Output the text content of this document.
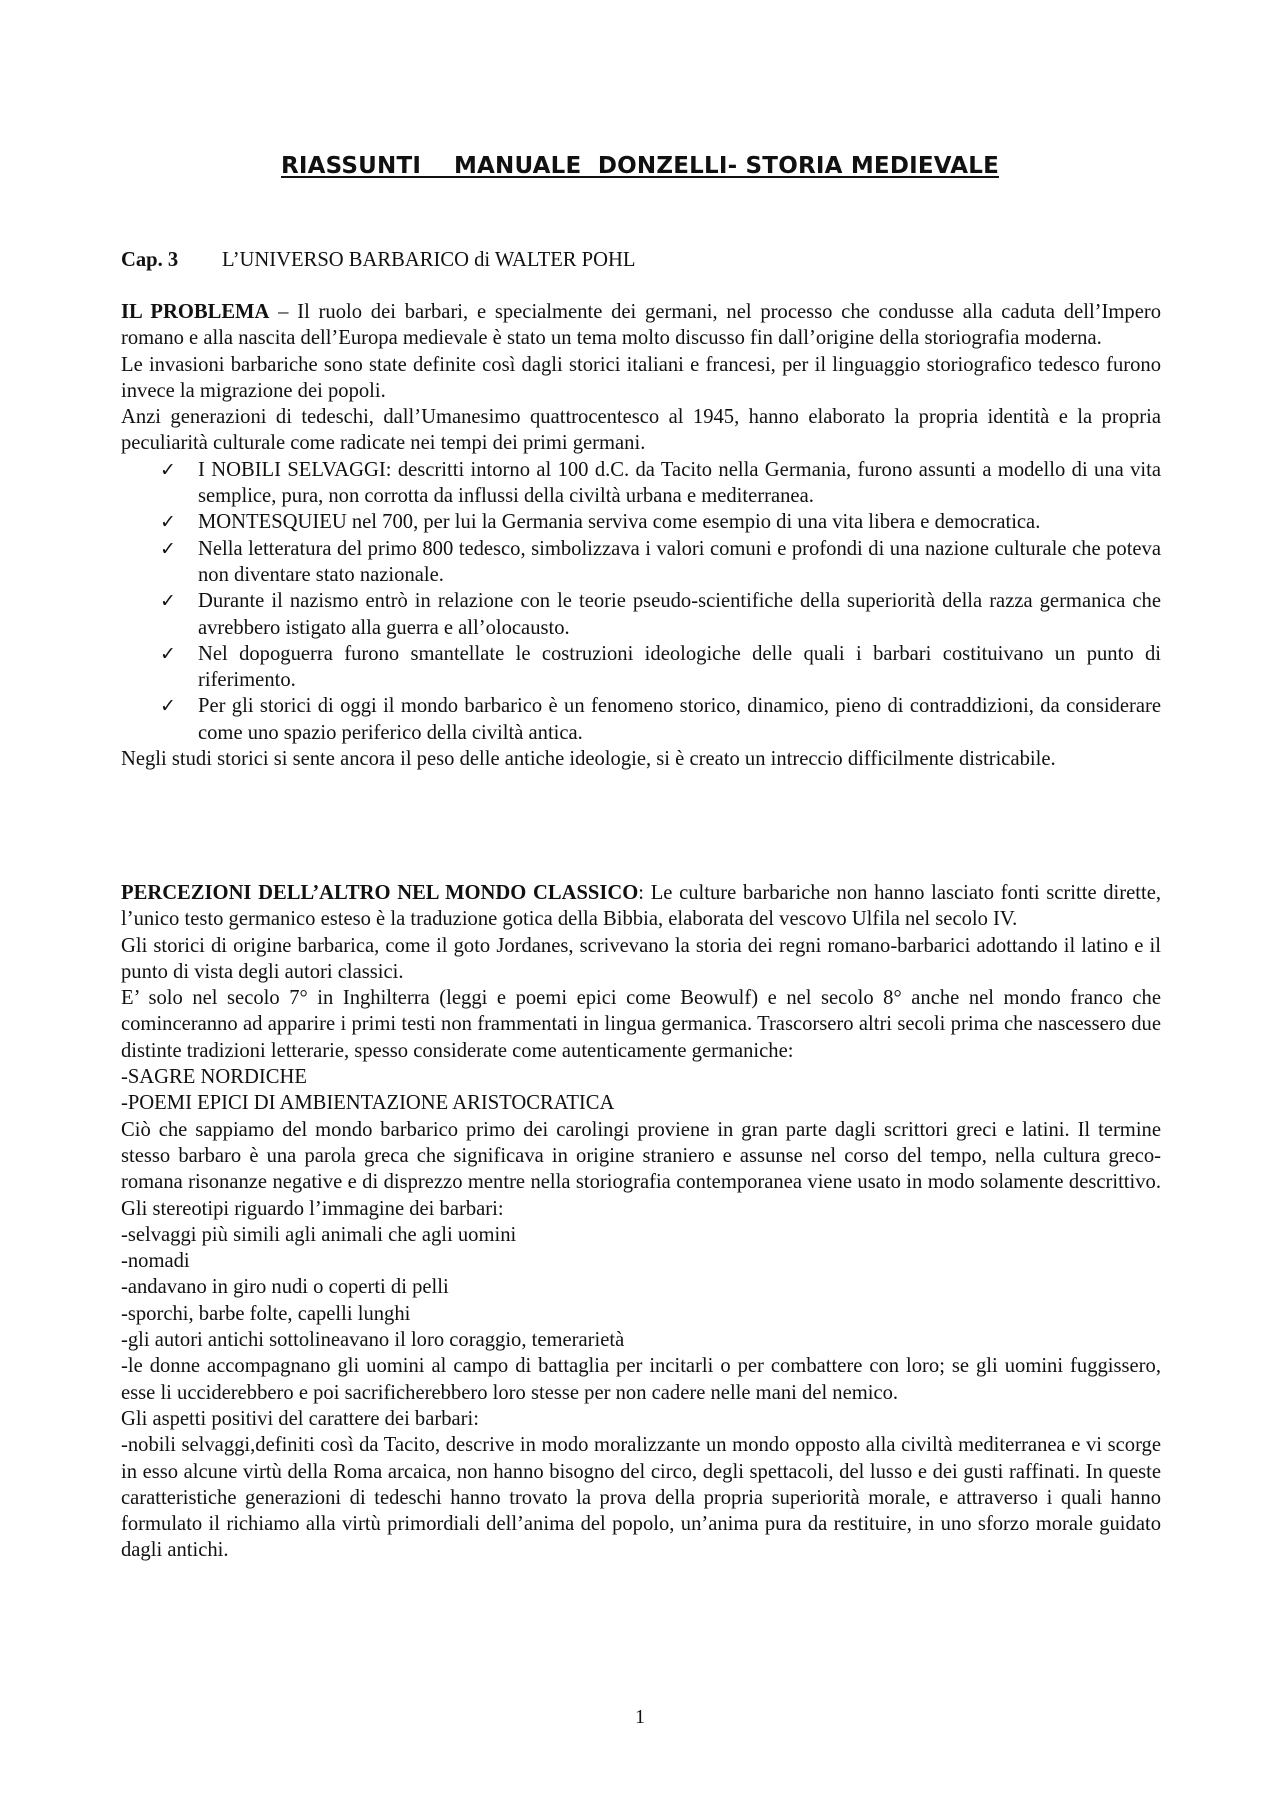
RIASSUNTI    MANUALE  DONZELLI- STORIA MEDIEVALE
Cap. 3 L’UNIVERSO BARBARICO di WALTER POHL

IL PROBLEMA – Il ruolo dei barbari, e specialmente dei germani, nel processo che condusse alla caduta dell’Impero romano e alla nascita dell’Europa medievale è stato un tema molto discusso fin dall’origine della storiografia moderna.

Le invasioni barbariche sono state definite così dagli storici italiani e francesi, per il linguaggio storiografico tedesco furono invece la migrazione dei popoli.

Anzi generazioni di tedeschi, dall’Umanesimo quattrocentesco al 1945, hanno elaborato la propria identità e la propria peculiarità culturale come radicate nei tempi dei primi germani.

✓ I NOBILI SELVAGGI: descritti intorno al 100 d.C. da Tacito nella Germania, furono assunti a modello di una vita semplice, pura, non corrotta da influssi della civiltà urbana e mediterranea.
✓ MONTESQUIEU nel 700, per lui la Germania serviva come esempio di una vita libera e democratica.
✓ Nella letteratura del primo 800 tedesco, simbolizzava i valori comuni e profondi di una nazione culturale che poteva non diventare stato nazionale.
✓ Durante il nazismo entrò in relazione con le teorie pseudo-scientifiche della superiorità della razza germanica che avrebbero istigato alla guerra e all’olocausto.
✓ Nel dopoguerra furono smantellate le costruzioni ideologiche delle quali i barbari costituivano un punto di riferimento.
✓ Per gli storici di oggi il mondo barbarico è un fenomeno storico, dinamico, pieno di contraddizioni, da considerare come uno spazio periferico della civiltà antica.

Negli studi storici si sente ancora il peso delle antiche ideologie, si è creato un intreccio difficilmente districabile.

PERCEZIONI DELL’ALTRO NEL MONDO CLASSICO: Le culture barbariche non hanno lasciato fonti scritte dirette, l’unico testo germanico esteso è la traduzione gotica della Bibbia, elaborata del vescovo Ulfila nel secolo IV.

Gli storici di origine barbarica, come il goto Jordanes, scrivevano la storia dei regni romano-barbarici adottando il latino e il punto di vista degli autori classici.

E’ solo nel secolo 7° in Inghilterra (leggi e poemi epici come Beowulf) e nel secolo 8° anche nel mondo franco che cominceranno ad apparire i primi testi non frammentati in lingua germanica. Trascorsero altri secoli prima che nascessero due distinte tradizioni letterarie, spesso considerate come autenticamente germaniche:

-SAGRE NORDICHE

-POEMI EPICI DI AMBIENTAZIONE ARISTOCRATICA

Ciò che sappiamo del mondo barbarico primo dei carolingi proviene in gran parte dagli scrittori greci e latini. Il termine stesso barbaro è una parola greca che significava in origine straniero e assunse nel corso del tempo, nella cultura greco-romana risonanze negative e di disprezzo mentre nella storiografia contemporanea viene usato in modo solamente descrittivo. Gli stereotipi riguardo l’immagine dei barbari:

-selvaggi più simili agli animali che agli uomini

-nomadi

-andavano in giro nudi o coperti di pelli

-sporchi, barbe folte, capelli lunghi

-gli autori antichi sottolineavano il loro coraggio, temerarietà

-le donne accompagnano gli uomini al campo di battaglia per incitarli o per combattere con loro; se gli uomini fuggissero, esse li ucciderebbero e poi sacrificherebbero loro stesse per non cadere nelle mani del nemico.

Gli aspetti positivi del carattere dei barbari:

-nobili selvaggi,definiti così da Tacito, descrive in modo moralizzante un mondo opposto alla civiltà mediterranea e vi scorge in esso alcune virtù della Roma arcaica, non hanno bisogno del circo, degli spettacoli, del lusso e dei gusti raffinati. In queste caratteristiche generazioni di tedeschi hanno trovato la prova della propria superiorità morale, e attraverso i quali hanno formulato il richiamo alla virtù primordiali dell’anima del popolo, un’anima pura da restituire, in uno sforzo morale guidato dagli antichi.

1
